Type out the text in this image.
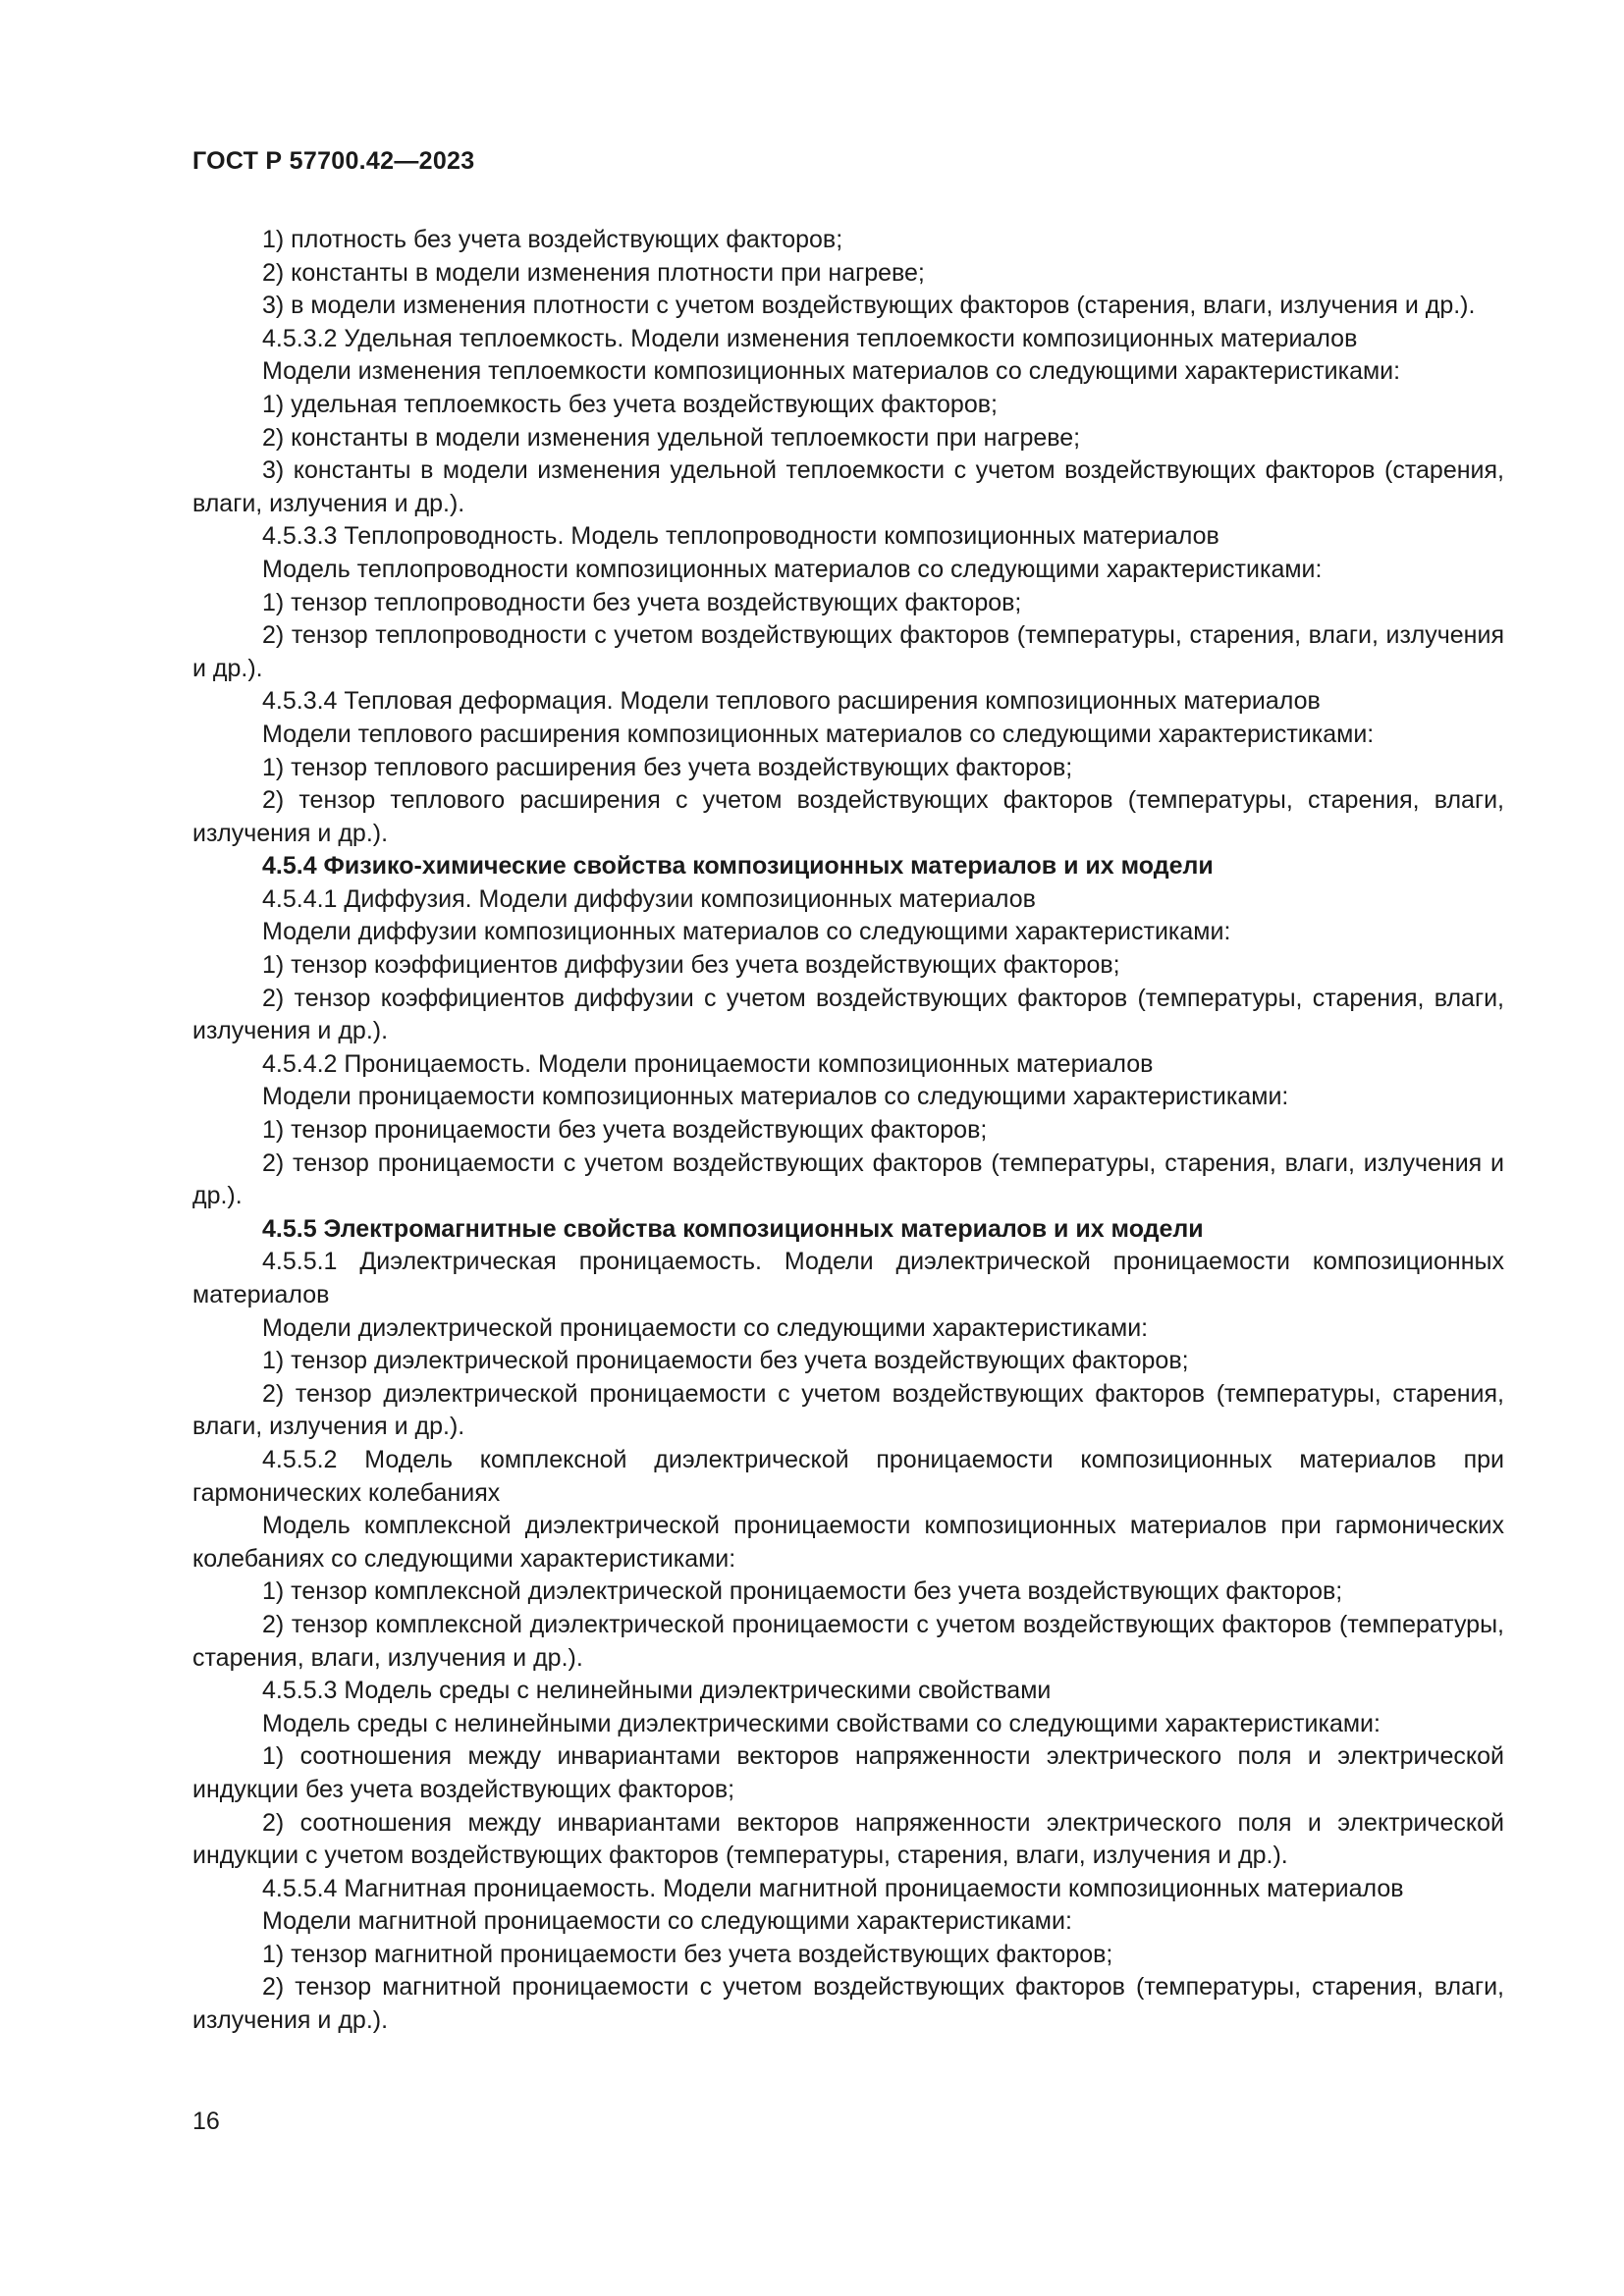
ГОСТ Р 57700.42—2023

1) плотность без учета воздействующих факторов;

2) константы в модели изменения плотности при нагреве;

3) в модели изменения плотности с учетом воздействующих факторов (старения, влаги, излучения и др.).

4.5.3.2 Удельная теплоемкость. Модели изменения теплоемкости композиционных материалов

Модели изменения теплоемкости композиционных материалов со следующими характеристиками:

1) удельная теплоемкость без учета воздействующих факторов;

2) константы в модели изменения удельной теплоемкости при нагреве;

3) константы в модели изменения удельной теплоемкости с учетом воздействующих факторов (старения, влаги, излучения и др.).

4.5.3.3 Теплопроводность. Модель теплопроводности композиционных материалов

Модель теплопроводности композиционных материалов со следующими характеристиками:

1) тензор теплопроводности без учета воздействующих факторов;

2) тензор теплопроводности с учетом воздействующих факторов (температуры, старения, влаги, излучения и др.).

4.5.3.4 Тепловая деформация. Модели теплового расширения композиционных материалов

Модели теплового расширения композиционных материалов со следующими характеристиками:

1) тензор теплового расширения без учета воздействующих факторов;

2) тензор теплового расширения с учетом воздействующих факторов (температуры, старения, влаги, излучения и др.).

4.5.4 Физико-химические свойства композиционных материалов и их модели

4.5.4.1 Диффузия. Модели диффузии композиционных материалов

Модели диффузии композиционных материалов со следующими характеристиками:

1) тензор коэффициентов диффузии без учета воздействующих факторов;

2) тензор коэффициентов диффузии с учетом воздействующих факторов (температуры, старения, влаги, излучения и др.).

4.5.4.2 Проницаемость. Модели проницаемости композиционных материалов

Модели проницаемости композиционных материалов со следующими характеристиками:

1) тензор проницаемости без учета воздействующих факторов;

2) тензор проницаемости с учетом воздействующих факторов (температуры, старения, влаги, излучения и др.).

4.5.5 Электромагнитные свойства композиционных материалов и их модели

4.5.5.1 Диэлектрическая проницаемость. Модели диэлектрической проницаемости композиционных материалов

Модели диэлектрической проницаемости со следующими характеристиками:

1) тензор диэлектрической проницаемости без учета воздействующих факторов;

2) тензор диэлектрической проницаемости с учетом воздействующих факторов (температуры, старения, влаги, излучения и др.).

4.5.5.2 Модель комплексной диэлектрической проницаемости композиционных материалов при гармонических колебаниях

Модель комплексной диэлектрической проницаемости композиционных материалов при гармонических колебаниях со следующими характеристиками:

1) тензор комплексной диэлектрической проницаемости без учета воздействующих факторов;

2) тензор комплексной диэлектрической проницаемости с учетом воздействующих факторов (температуры, старения, влаги, излучения и др.).

4.5.5.3 Модель среды с нелинейными диэлектрическими свойствами

Модель среды с нелинейными диэлектрическими свойствами со следующими характеристиками:

1) соотношения между инвариантами векторов напряженности электрического поля и электрической индукции без учета воздействующих факторов;

2) соотношения между инвариантами векторов напряженности электрического поля и электрической индукции с учетом воздействующих факторов (температуры, старения, влаги, излучения и др.).

4.5.5.4 Магнитная проницаемость. Модели магнитной проницаемости композиционных материалов

Модели магнитной проницаемости со следующими характеристиками:

1) тензор магнитной проницаемости без учета воздействующих факторов;

2) тензор магнитной проницаемости с учетом воздействующих факторов (температуры, старения, влаги, излучения и др.).

16
